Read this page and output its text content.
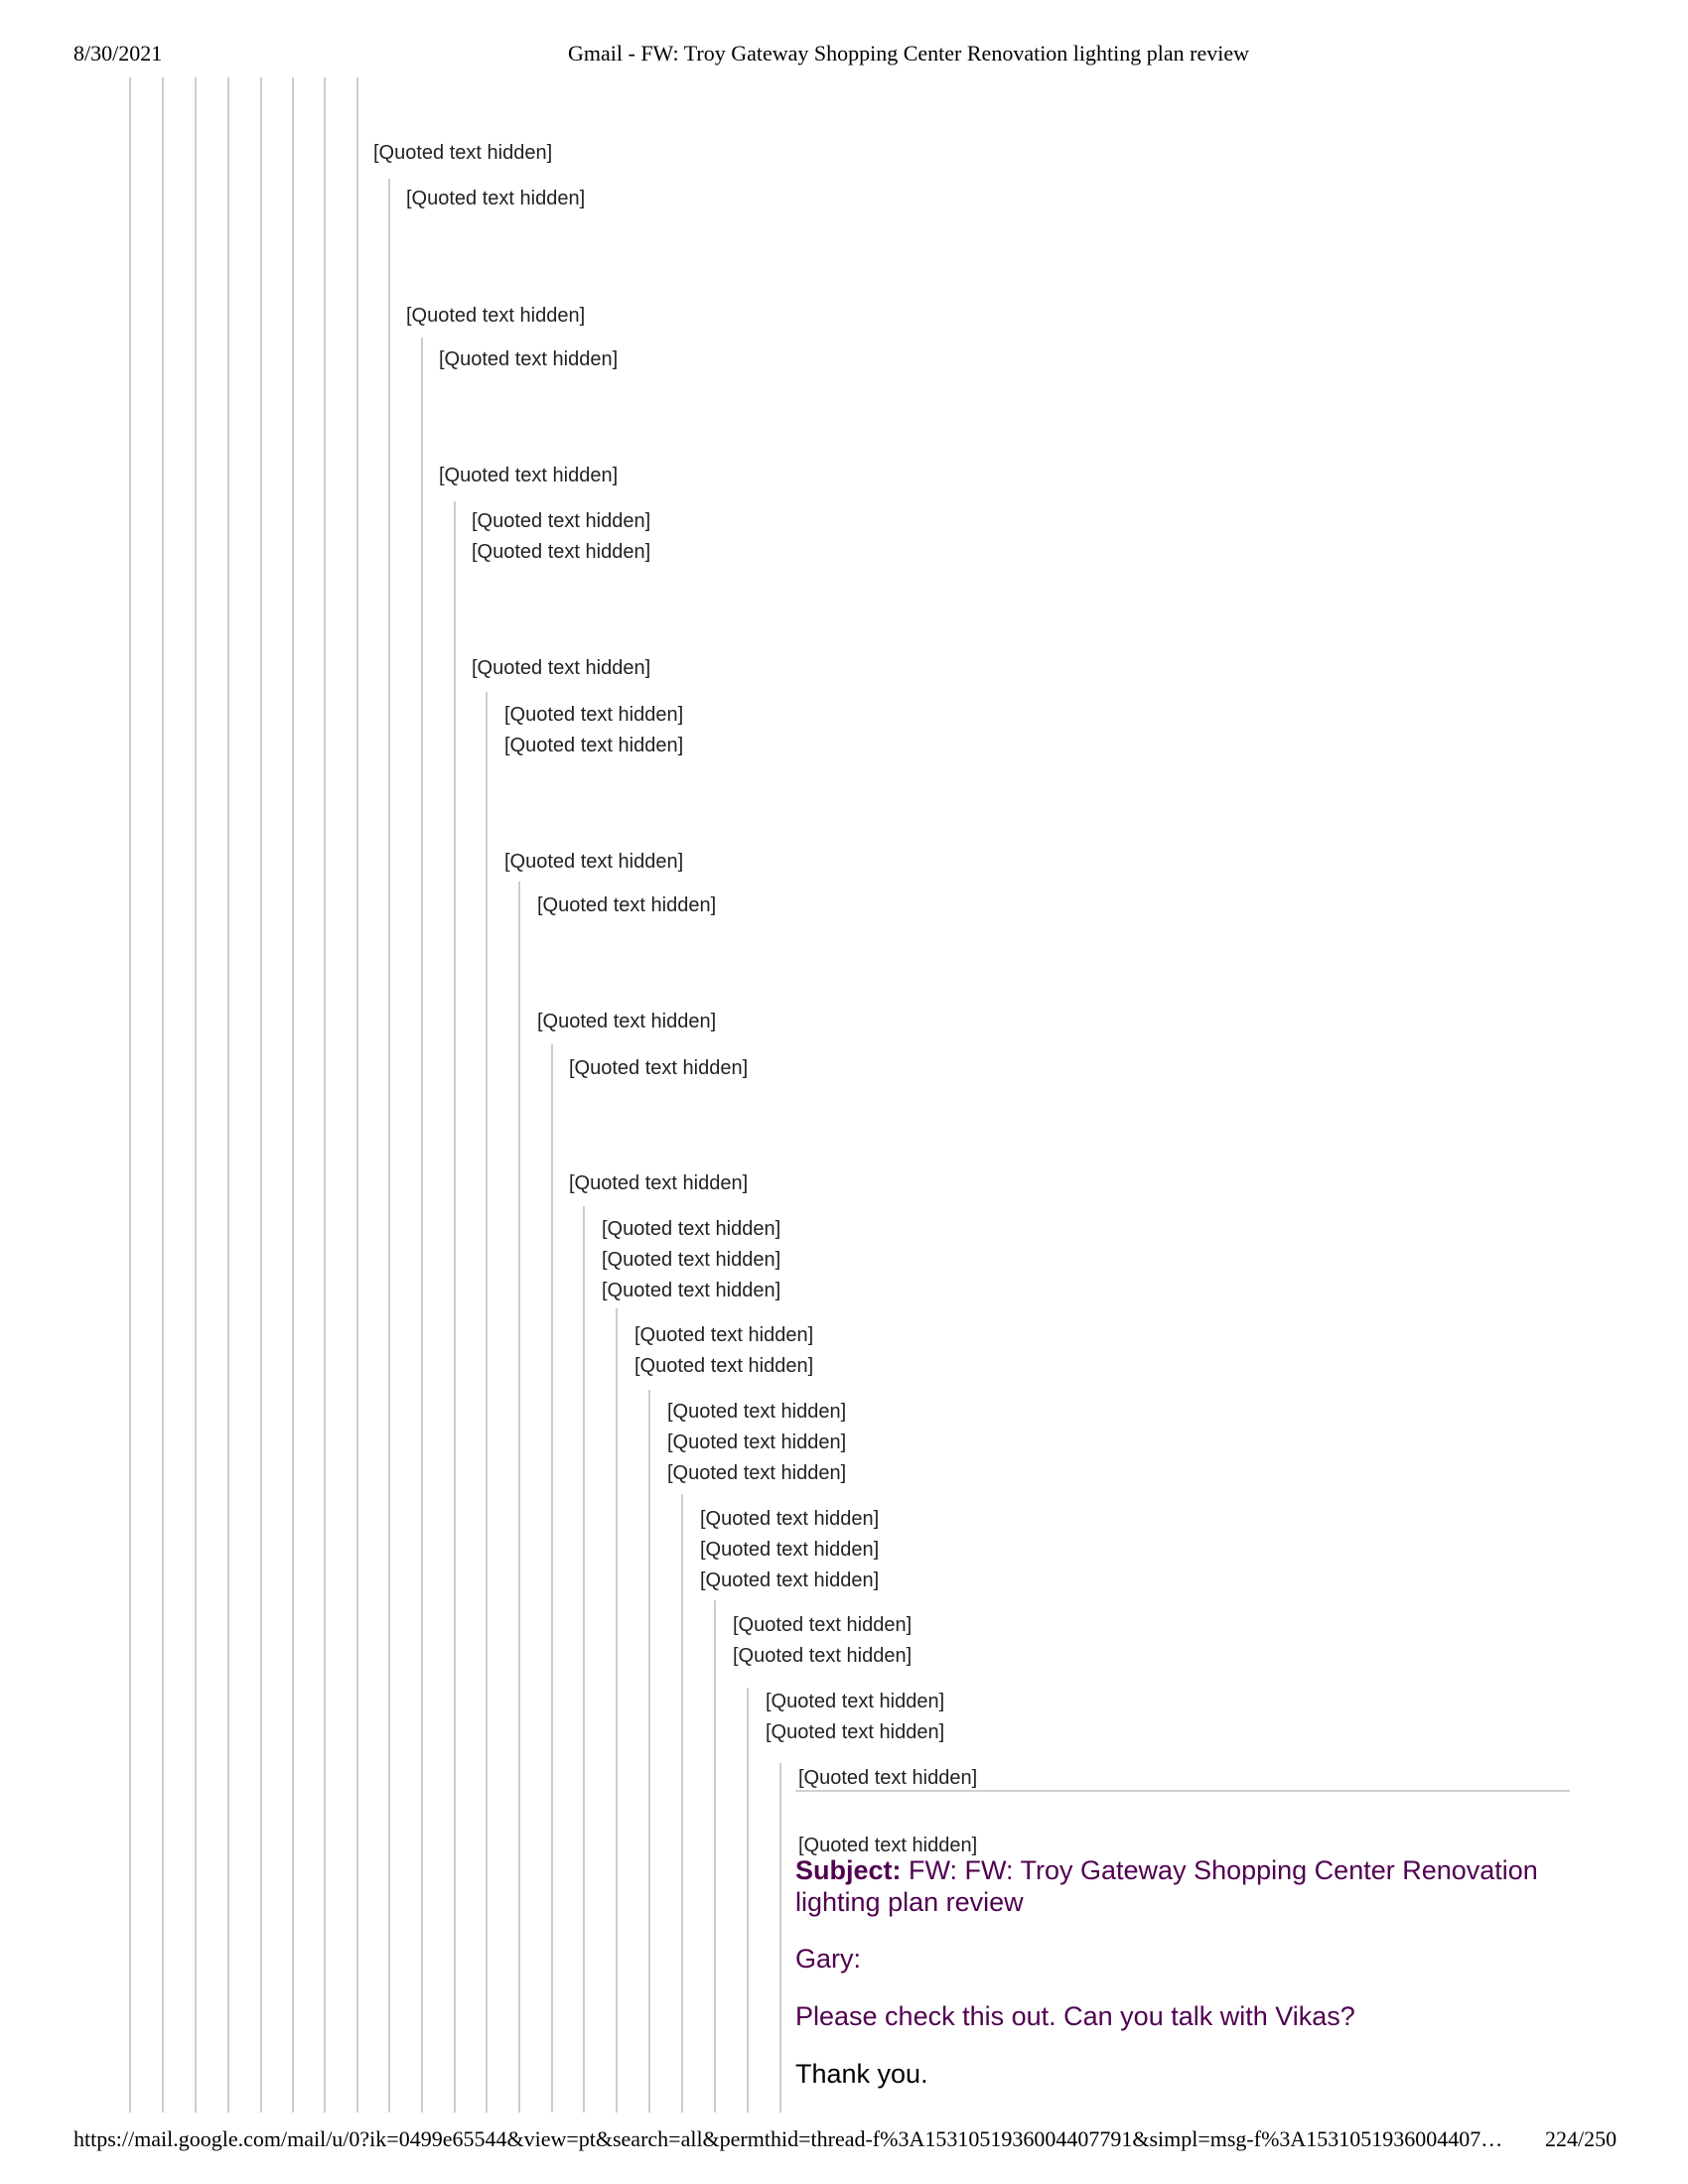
8/30/2021	Gmail - FW: Troy Gateway Shopping Center Renovation lighting plan review
[Quoted text hidden]
[Quoted text hidden]
[Quoted text hidden]
[Quoted text hidden]
[Quoted text hidden]
[Quoted text hidden]
[Quoted text hidden]
[Quoted text hidden]
[Quoted text hidden]
[Quoted text hidden]
[Quoted text hidden]
[Quoted text hidden]
[Quoted text hidden]
[Quoted text hidden]
[Quoted text hidden]
[Quoted text hidden]
[Quoted text hidden]
[Quoted text hidden]
[Quoted text hidden]
[Quoted text hidden]
[Quoted text hidden]
[Quoted text hidden]
[Quoted text hidden]
[Quoted text hidden]
[Quoted text hidden]
[Quoted text hidden]
[Quoted text hidden]
[Quoted text hidden]
[Quoted text hidden]
[Quoted text hidden]
[Quoted text hidden]
[Quoted text hidden]
Subject: FW: FW: Troy Gateway Shopping Center Renovation lighting plan review
Gary:
Please check this out. Can you talk with Vikas?
Thank you.
https://mail.google.com/mail/u/0?ik=0499e65544&view=pt&search=all&permthid=thread-f%3A1531051936004407791&simpl=msg-f%3A1531051936004407… 224/250
